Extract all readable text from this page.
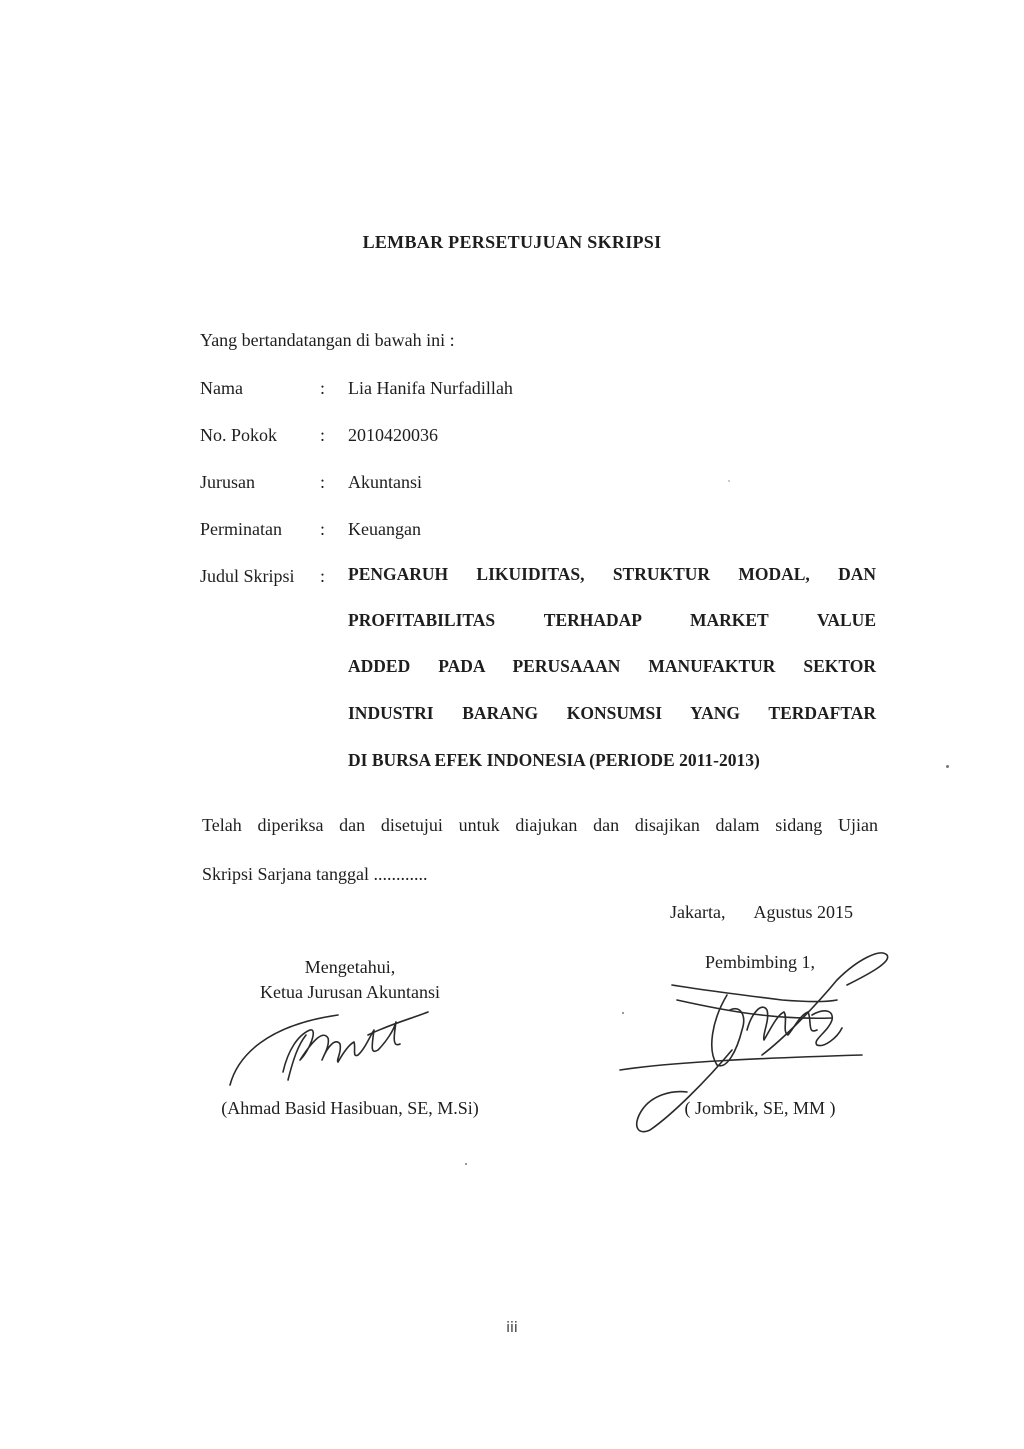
LEMBAR PERSETUJUAN SKRIPSI
Yang bertandatangan di bawah ini :
Nama	: Lia Hanifa Nurfadillah
No. Pokok : 2010420036
Jurusan	: Akuntansi
Perminatan : Keuangan
Judul Skripsi : PENGARUH LIKUIDITAS, STRUKTUR MODAL, DAN
PROFITABILITAS TERHADAP MARKET VALUE
ADDED PADA PERUSAAAN MANUFAKTUR SEKTOR
INDUSTRI BARANG KONSUMSI YANG TERDAFTAR
DI BURSA EFEK INDONESIA (PERIODE 2011-2013)
Telah diperiksa dan disetujui untuk diajukan dan disajikan dalam sidang Ujian
Skripsi Sarjana tanggal ............
Jakarta, Agustus 2015
Mengetahui,
Ketua Jurusan Akuntansi
(Ahmad Basid Hasibuan, SE, M.Si)
Pembimbing 1,
( Jombrik, SE, MM )
iii
